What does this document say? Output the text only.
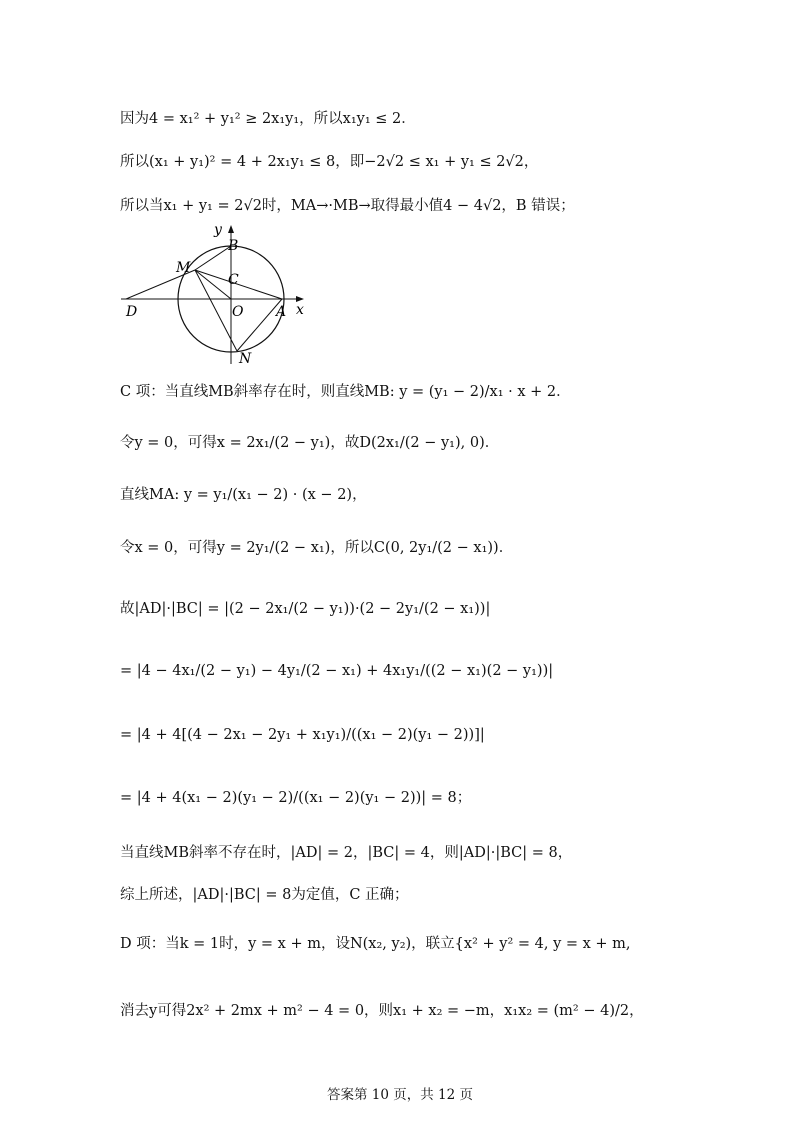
因为4 = x₁² + y₁² ≥ 2x₁y₁，所以x₁y₁ ≤ 2．
所以(x₁ + y₁)² = 4 + 2x₁y₁ ≤ 8，即−2√2 ≤ x₁ + y₁ ≤ 2√2，
所以当x₁ + y₁ = 2√2时，MA→·MB→取得最小值4 − 4√2，B 错误；
y
B
M
C
D	O A x
N
C 项：当直线MB斜率存在时，则直线MB: y = (y₁ − 2)/x₁ · x + 2．
令y = 0，可得x = 2x₁/(2 − y₁)，故D(2x₁/(2 − y₁), 0)．
直线MA: y = y₁/(x₁ − 2) · (x − 2)，
令x = 0，可得y = 2y₁/(2 − x₁)，所以C(0, 2y₁/(2 − x₁))．
故|AD|·|BC| = |(2 − 2x₁/(2 − y₁))·(2 − 2y₁/(2 − x₁))|
= |4 − 4x₁/(2 − y₁) − 4y₁/(2 − x₁) + 4x₁y₁/((2 − x₁)(2 − y₁))|
= |4 + 4[(4 − 2x₁ − 2y₁ + x₁y₁)/((x₁ − 2)(y₁ − 2))]|
= |4 + 4(x₁ − 2)(y₁ − 2)/((x₁ − 2)(y₁ − 2))| = 8；
当直线MB斜率不存在时，|AD| = 2，|BC| = 4，则|AD|·|BC| = 8，
综上所述，|AD|·|BC| = 8为定值，C 正确；
D 项：当k = 1时，y = x + m，设N(x₂, y₂)，联立{x² + y² = 4, y = x + m,
消去y可得2x² + 2mx + m² − 4 = 0，则x₁ + x₂ = −m，x₁x₂ = (m² − 4)/2，
答案第 10 页，共 12 页
